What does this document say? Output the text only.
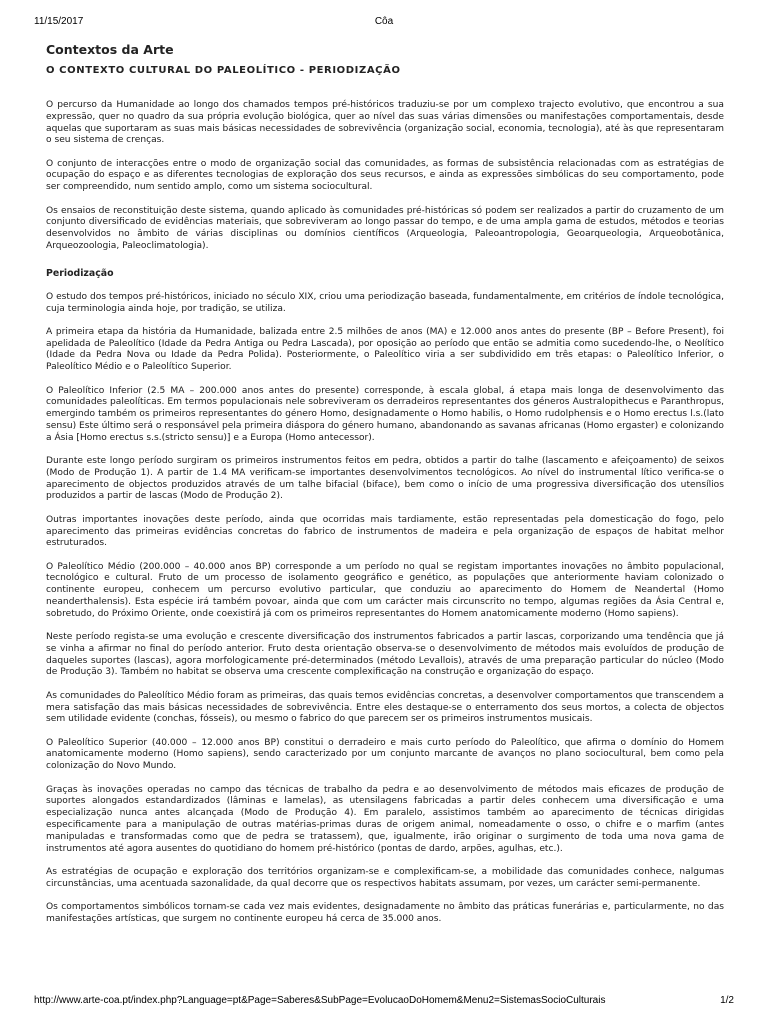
11/15/2017	Côa
Contextos da Arte
O CONTEXTO CULTURAL DO PALEOLÍTICO - PERIODIZAÇÃO

O percurso da Humanidade ao longo dos chamados tempos pré-históricos traduziu-se por um complexo trajecto evolutivo, que encontrou a sua expressão, quer no quadro da sua própria evolução biológica, quer ao nível das suas várias dimensões ou manifestações comportamentais, desde aquelas que suportaram as suas mais básicas necessidades de sobrevivência (organização social, economia, tecnologia), até às que representaram o seu sistema de crenças.

O conjunto de interacções entre o modo de organização social das comunidades, as formas de subsistência relacionadas com as estratégias de ocupação do espaço e as diferentes tecnologias de exploração dos seus recursos, e ainda as expressões simbólicas do seu comportamento, pode ser compreendido, num sentido amplo, como um sistema sociocultural.

Os ensaios de reconstituição deste sistema, quando aplicado às comunidades pré-históricas só podem ser realizados a partir do cruzamento de um conjunto diversificado de evidências materiais, que sobreviveram ao longo passar do tempo, e de uma ampla gama de estudos, métodos e teorias desenvolvidos no âmbito de várias disciplinas ou domínios científicos (Arqueologia, Paleoantropologia, Geoarqueologia, Arqueobotânica, Arqueozoologia, Paleoclimatologia).

Periodização

O estudo dos tempos pré-históricos, iniciado no século XIX, criou uma periodização baseada, fundamentalmente, em critérios de índole tecnológica, cuja terminologia ainda hoje, por tradição, se utiliza.

A primeira etapa da história da Humanidade, balizada entre 2.5 milhões de anos (MA) e 12.000 anos antes do presente (BP – Before Present), foi apelidada de Paleolítico (Idade da Pedra Antiga ou Pedra Lascada), por oposição ao período que então se admitia como sucedendo-lhe, o Neolítico (Idade da Pedra Nova ou Idade da Pedra Polida). Posteriormente, o Paleolítico viria a ser subdividido em três etapas: o Paleolítico Inferior, o Paleolítico Médio e o Paleolítico Superior.

O Paleolítico Inferior (2.5 MA – 200.000 anos antes do presente) corresponde, à escala global, á etapa mais longa de desenvolvimento das comunidades paleolíticas. Em termos populacionais nele sobreviveram os derradeiros representantes dos géneros Australopithecus e Paranthropus, emergindo também os primeiros representantes do género Homo, designadamente o Homo habilis, o Homo rudolphensis e o Homo erectus l.s.(lato sensu) Este último será o responsável pela primeira diáspora do género humano, abandonando as savanas africanas (Homo ergaster) e colonizando a Ásia [Homo erectus s.s.(stricto sensu)] e a Europa (Homo antecessor).

Durante este longo período surgiram os primeiros instrumentos feitos em pedra, obtidos a partir do talhe (lascamento e afeiçoamento) de seixos (Modo de Produção 1). A partir de 1.4 MA verificam-se importantes desenvolvimentos tecnológicos. Ao nível do instrumental lítico verifica-se o aparecimento de objectos produzidos através de um talhe bifacial (biface), bem como o início de uma progressiva diversificação dos utensílios produzidos a partir de lascas (Modo de Produção 2).

Outras importantes inovações deste período, ainda que ocorridas mais tardiamente, estão representadas pela domesticação do fogo, pelo aparecimento das primeiras evidências concretas do fabrico de instrumentos de madeira e pela organização de espaços de habitat melhor estruturados.

O Paleolítico Médio (200.000 – 40.000 anos BP) corresponde a um período no qual se registam importantes inovações no âmbito populacional, tecnológico e cultural. Fruto de um processo de isolamento geográfico e genético, as populações que anteriormente haviam colonizado o continente europeu, conhecem um percurso evolutivo particular, que conduziu ao aparecimento do Homem de Neandertal (Homo neanderthalensis). Esta espécie irá também povoar, ainda que com um carácter mais circunscrito no tempo, algumas regiões da Ásia Central e, sobretudo, do Próximo Oriente, onde coexistirá já com os primeiros representantes do Homem anatomicamente moderno (Homo sapiens).

Neste período regista-se uma evolução e crescente diversificação dos instrumentos fabricados a partir lascas, corporizando uma tendência que já se vinha a afirmar no final do período anterior. Fruto desta orientação observa-se o desenvolvimento de métodos mais evoluídos de produção de daqueles suportes (lascas), agora morfologicamente pré-determinados (método Levallois), através de uma preparação particular do núcleo (Modo de Produção 3). Também no habitat se observa uma crescente complexificação na construção e organização do espaço.

As comunidades do Paleolítico Médio foram as primeiras, das quais temos evidências concretas, a desenvolver comportamentos que transcendem a mera satisfação das mais básicas necessidades de sobrevivência. Entre eles destaque-se o enterramento dos seus mortos, a colecta de objectos sem utilidade evidente (conchas, fósseis), ou mesmo o fabrico do que parecem ser os primeiros instrumentos musicais.

O Paleolítico Superior (40.000 – 12.000 anos BP) constitui o derradeiro e mais curto período do Paleolítico, que afirma o domínio do Homem anatomicamente moderno (Homo sapiens), sendo caracterizado por um conjunto marcante de avanços no plano sociocultural, bem como pela colonização do Novo Mundo.

Graças às inovações operadas no campo das técnicas de trabalho da pedra e ao desenvolvimento de métodos mais eficazes de produção de suportes alongados estandardizados (lâminas e lamelas), as utensilagens fabricadas a partir deles conhecem uma diversificação e uma especialização nunca antes alcançada (Modo de Produção 4). Em paralelo, assistimos também ao aparecimento de técnicas dirigidas especificamente para a manipulação de outras matérias-primas duras de origem animal, nomeadamente o osso, o chifre e o marfim (antes manipuladas e transformadas como que de pedra se tratassem), que, igualmente, irão originar o surgimento de toda uma nova gama de instrumentos até agora ausentes do quotidiano do homem pré-histórico (pontas de dardo, arpões, agulhas, etc.).

As estratégias de ocupação e exploração dos territórios organizam-se e complexificam-se, a mobilidade das comunidades conhece, nalgumas circunstâncias, uma acentuada sazonalidade, da qual decorre que os respectivos habitats assumam, por vezes, um carácter semi-permanente.

Os comportamentos simbólicos tornam-se cada vez mais evidentes, designadamente no âmbito das práticas funerárias e, particularmente, no das manifestações artísticas, que surgem no continente europeu há cerca de 35.000 anos.

http://www.arte-coa.pt/index.php?Language=pt&Page=Saberes&SubPage=EvolucaoDoHomem&Menu2=SistemasSocioCulturais	1/2
